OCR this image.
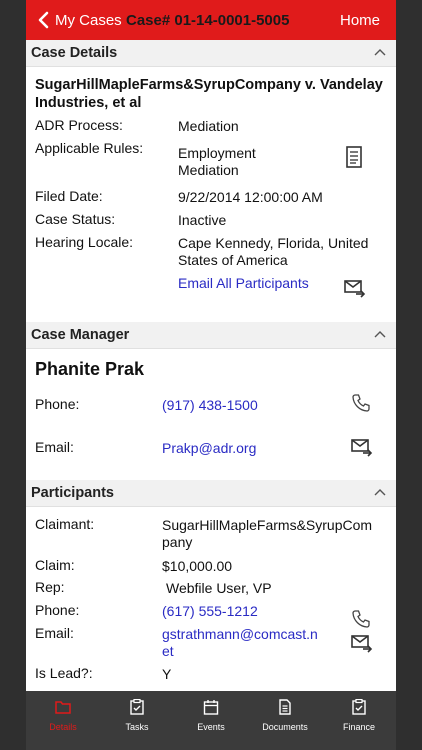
My Cases Case# 01-14-0001-5005	Home
Case Details
SugarHillMapleFarms&SyrupCompany v. Vandelay Industries, et al
ADR Process:	Mediation
Applicable Rules: Employment
Mediation
Filed Date:	9/22/2014 12:00:00 AM
Case Status:	Inactive
Hearing Locale:	Cape Kennedy, Florida, United
States of America
Email All Participants
Case Manager
Phanite Prak
Phone:	(917) 438-1500
Email:	Prakp@adr.org
Participants
Claimant:	SugarHillMapleFarms&SyrupCom
pany
Claim:	$10,000.00
Rep:	Webfile User, VP
Phone:	(617) 555-1212
Email:	gstrathmann@comcast.n
et
Is Lead?:	Y
Details	Tasks	Events	Documents	Finance
